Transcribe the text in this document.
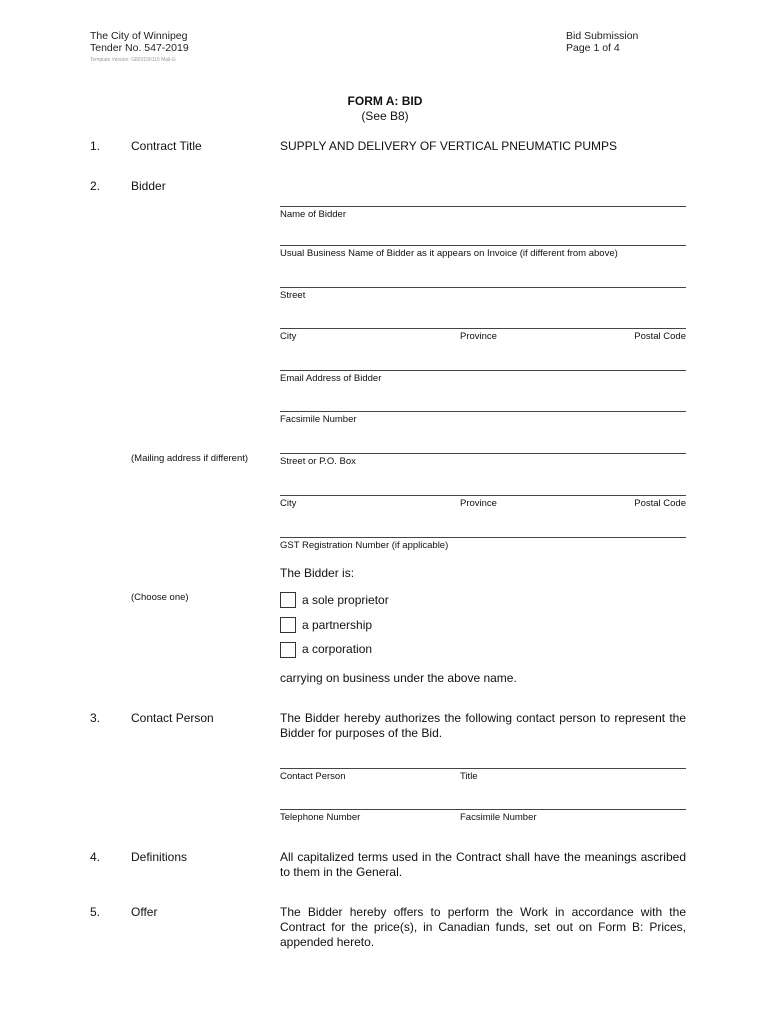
The City of Winnipeg
Tender No. 547-2019
Template Version: G820190115 Mail-G
Bid Submission
Page 1 of 4
FORM A: BID
(See B8)
1.	Contract Title	SUPPLY AND DELIVERY OF VERTICAL PNEUMATIC PUMPS
2.	Bidder
Name of Bidder
Usual Business Name of Bidder as it appears on Invoice (if different from above)
Street
City	Province	Postal Code
Email Address of Bidder
Facsimile Number
(Mailing address if different)	Street or P.O. Box
City	Province	Postal Code
GST Registration Number (if applicable)
The Bidder is:
(Choose one)	a sole proprietor
a partnership
a corporation
carrying on business under the above name.
3.	Contact Person	The Bidder hereby authorizes the following contact person to represent the Bidder for purposes of the Bid.
Contact Person	Title
Telephone Number	Facsimile Number
4.	Definitions	All capitalized terms used in the Contract shall have the meanings ascribed to them in the General.
5.	Offer	The Bidder hereby offers to perform the Work in accordance with the Contract for the price(s), in Canadian funds, set out on Form B: Prices, appended hereto.
